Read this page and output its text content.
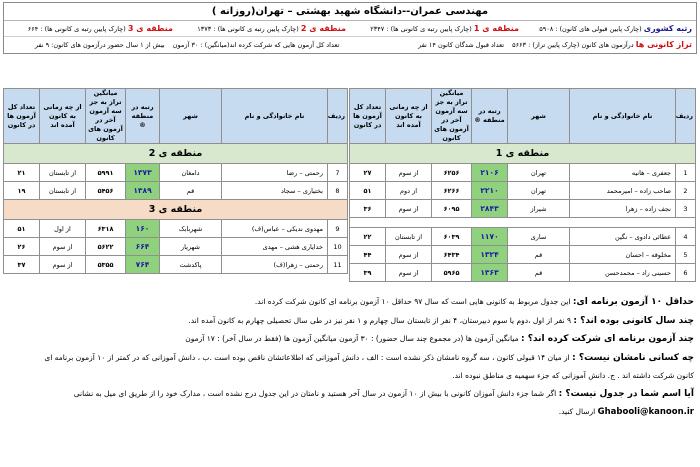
مهندسی عمران--دانشگاه شهید بهشتی – تهران(روزانه )
رتبه کشوری (چارک پایین قبولی های کانون) : ۵۹۰۸
منطقه ی 1 (چارک پایین رتبه ی کانونی ها) : ۲۳۴۷
منطقه ی 2 (چارک پایین رتبه ی کانونی ها) : ۱۳۷۳
منطقه ی 3 (چارک پایین رتبه ی کانونی ها) : ۶۶۴
تراز کانونی ها درآزمون های کانون (چارک پایین تراز) : ۵۶۶۳
تعداد قبول شدگان کانون ۱۴ نفر
تعداد کل آزمون هایی که شرکت کرده اند(میانگین) : ۳۰ آزمون
بیش از ۱ سال حضور درآزمون های کانون: ۹ نفر
ردیف	نام خانوادگی و نام	شهر	رتبه در منطقه ®	میانگین تراز به جز سه آزمون آخر در آزمون های کانون	از چه زمانی به کانون آمده اند	تعداد کل آزمون ها در کانون
منطقه ی 1						
1	جعفری – هانیه	تهران	۲۱۰۶	۶۲۵۶	از سوم	۲۷
2	صاحب زاده – امیرمحمد	تهران	۲۲۱۰	۶۲۶۶	از دوم	۵۱
3	نجف زاده – زهرا	شیراز	۲۸۴۳	۶۰۹۵	از سوم	۳۶

4	عطائی دادوی – نگین	ساری	۱۱۷۰	۶۰۳۹	از تابستان	۲۲
5	مخلوقه – احسان	قم	۱۳۲۴	۶۴۳۴	از سوم	۴۴
6	حسینی راد – محمدحسن	قم	۱۳۶۳	۵۹۶۵	از سوم	۳۹
ردیف	نام خانوادگی و نام	شهر	رتبه در منطقه ®	میانگین تراز به جز سه آزمون آخر در آزمون های کانون	از چه زمانی به کانون آمده اند	تعداد کل آزمون ها در کانون
منطقه ی 2						
7	رحمتی – رضا	دامغان	۱۳۷۳	۵۹۹۱	از تابستان	۲۱
8	بختیاری – سجاد	قم	۱۳۸۹	۵۴۵۶	از تابستان	۱۹
منطقه ی 3						
9	مهدوی ندیکی – عباس(ف)	شهربابک	۱۶۰	۶۳۱۸	از اول	۵۱
10	خدایاری هشی – مهدی	شهریار	۶۶۴	۵۶۲۲	از سوم	۲۶
11	رحمتی – زهرا(ف)	پاکدشت	۷۶۴	۵۳۵۵	از سوم	۳۷
حداقل ۱۰ آزمون برنامه ای: این جدول مربوط به کانونی هایی است که سال ۹۷ حداقل ۱۰ آزمون برنامه ای کانون شرکت کرده اند.
چند سال کانونی بوده اند؟ : ۹ نفر از اول ،دوم یا سوم دبیرستان، ۴ نفر از تابستان سال چهارم و ۱ نفر نیز در طی سال تحصیلی چهارم به کانون آمده اند.
چند آزمون برنامه ای شرکت کرده اند؟ : میانگین آزمون ها (در مجموع چند سال حضور) : ۳۰ آزمون میانگین آزمون ها (فقط در سال آخر) : ۱۷ آزمون
چه کسانی نامشان نیست؟ : از میان ۱۴ قبولی کانون ، سه گروه نامشان ذکر نشده است : الف ، دانش آموزانی که اطلاعاتشان ناقص بوده است .ب ، دانش آموزانی که در کمتر از ۱۰ آزمون برنامه ای
کانون شرکت داشته اند . ج. دانش آموزانی که جزء سهمیه ی مناطق نبوده اند.
آیا اسم شما در جدول نیست؟ : اگر شما جزء دانش آموزان کانونی با بیش از ۱۰ آزمون در سال آخر هستید و نامتان در این جدول درج نشده است ، مدارک خود را از طریق ای میل به نشانی
Ghabooli@kanoon.ir ارسال کنید.
